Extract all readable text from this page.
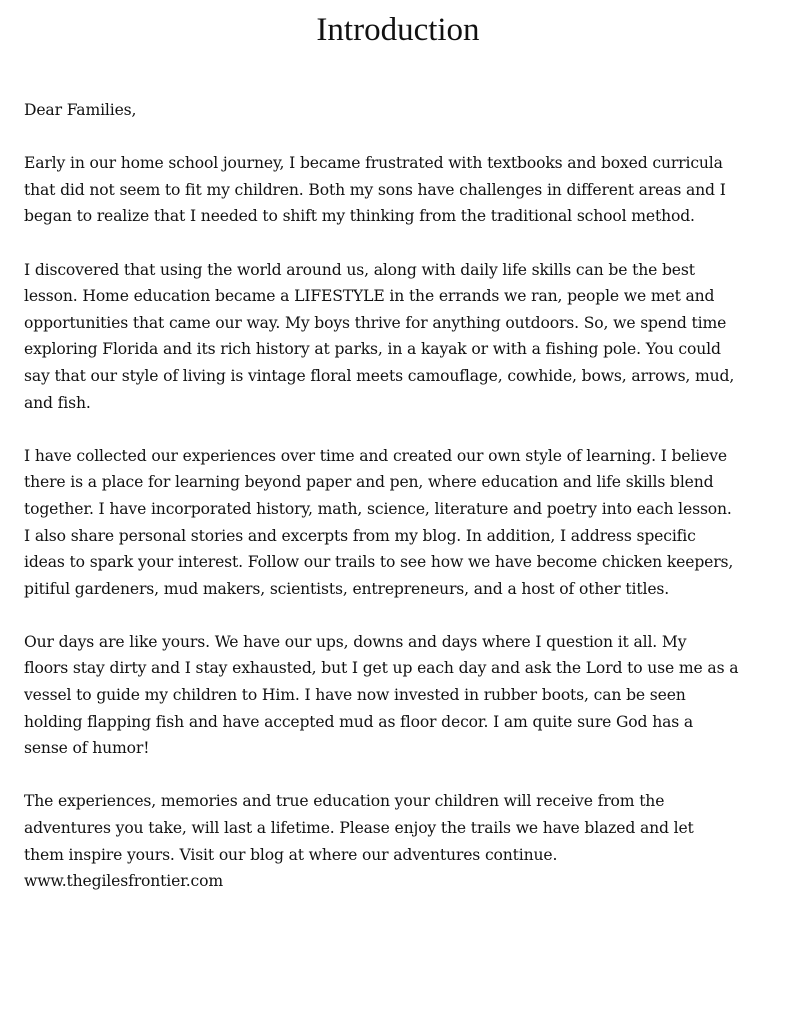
Introduction
Dear Families,
Early in our home school journey, I became frustrated with textbooks and boxed curricula
that did not seem to fit my children. Both my sons have challenges in different areas and I
began to realize that I needed to shift my thinking from the traditional school method.
I discovered that using the world around us, along with daily life skills can be the best
lesson. Home education became a LIFESTYLE in the errands we ran, people we met and
opportunities that came our way. My boys thrive for anything outdoors. So, we spend time
exploring Florida and its rich history at parks, in a kayak or with a fishing pole. You could
say that our style of living is vintage floral meets camouflage, cowhide, bows, arrows, mud,
and fish.
I have collected our experiences over time and created our own style of learning. I believe
there is a place for learning beyond paper and pen, where education and life skills blend
together. I have incorporated history, math, science, literature and poetry into each lesson.
I also share personal stories and excerpts from my blog. In addition, I address specific
ideas to spark your interest. Follow our trails to see how we have become chicken keepers,
pitiful gardeners, mud makers, scientists, entrepreneurs, and a host of other titles.
Our days are like yours. We have our ups, downs and days where I question it all. My
floors stay dirty and I stay exhausted, but I get up each day and ask the Lord to use me as a
vessel to guide my children to Him. I have now invested in rubber boots, can be seen
holding flapping fish and have accepted mud as floor decor. I am quite sure God has a
sense of humor!
The experiences, memories and true education your children will receive from the
adventures you take, will last a lifetime. Please enjoy the trails we have blazed and let
them inspire yours. Visit our blog at where our adventures continue.
www.thegilesfrontier.com
